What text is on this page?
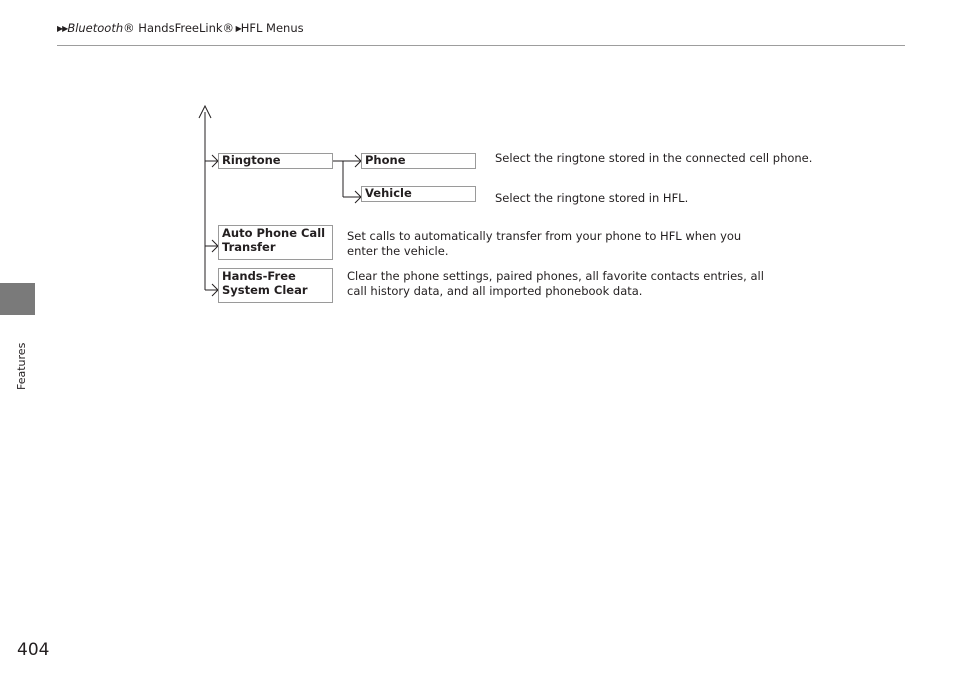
▶▶Bluetooth® HandsFreeLink® ▶HFL Menus
Features
Ringtone	Phone	Select the ringtone stored in the connected cell phone.
Vehicle	Select the ringtone stored in HFL.
Auto Phone Call
Transfer
Set calls to automatically transfer from your phone to HFL when you
enter the vehicle.
Hands-Free
System Clear
Clear the phone settings, paired phones, all favorite contacts entries, all
call history data, and all imported phonebook data.
404
